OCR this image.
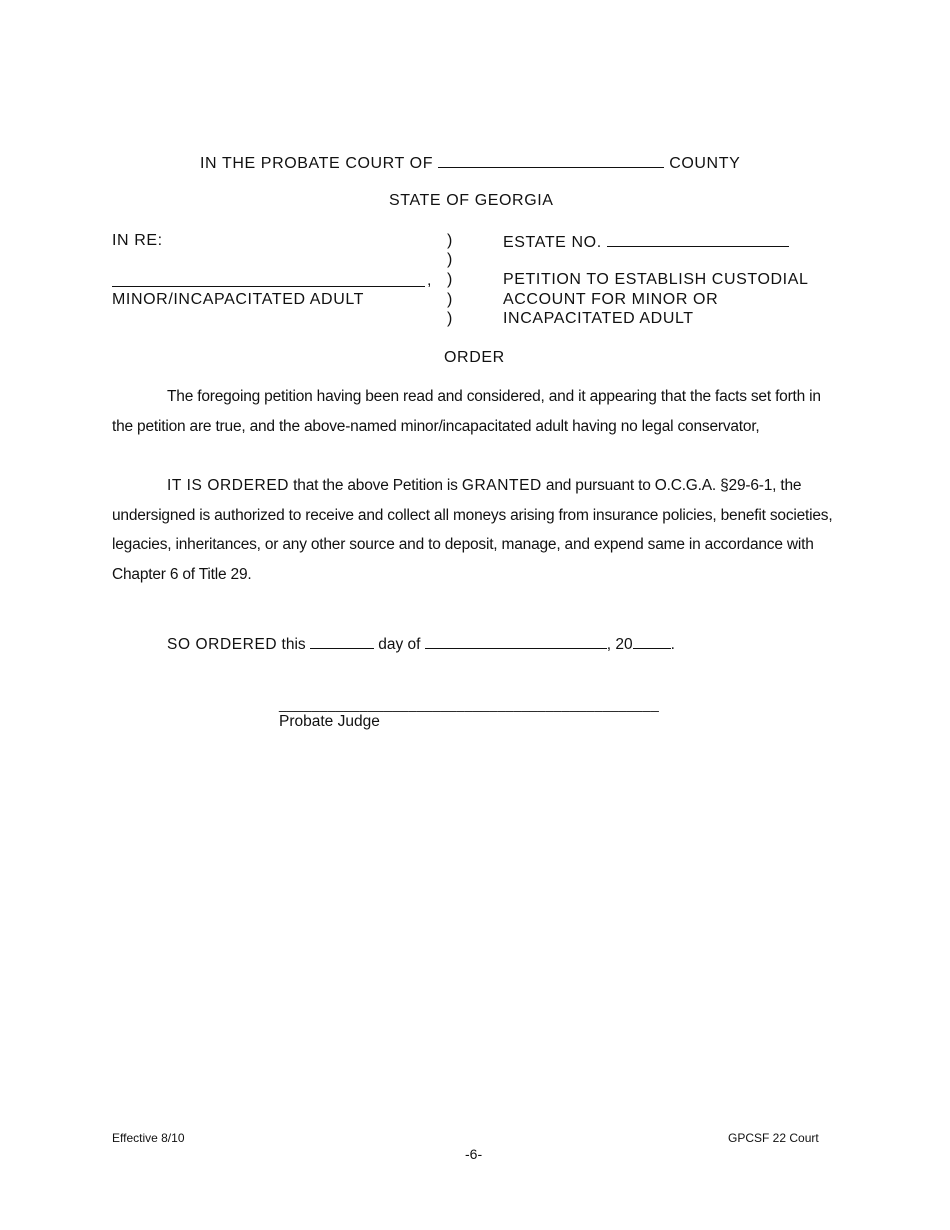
IN THE PROBATE COURT OF	COUNTY
STATE OF GEORGIA
IN RE:
,
MINOR/INCAPACITATED ADULT
)
)
)
)
)
ESTATE NO.
PETITION TO ESTABLISH CUSTODIAL
ACCOUNT FOR MINOR OR
INCAPACITATED ADULT
ORDER
The foregoing petition having been read and considered, and it appearing that the facts set forth in the petition are true, and the above-named minor/incapacitated adult having no legal conservator,
IT IS ORDERED that the above Petition is GRANTED and pursuant to O.C.G.A. §29-6-1, the undersigned is authorized to receive and collect all moneys arising from insurance policies, benefit societies, legacies, inheritances, or any other source and to deposit, manage, and expend same in accordance with Chapter 6 of Title 29.
SO ORDERED this	day of	, 20 .
_______________________________________________
Probate Judge
Effective 8/10	GPCSF 22 Court
-6-
